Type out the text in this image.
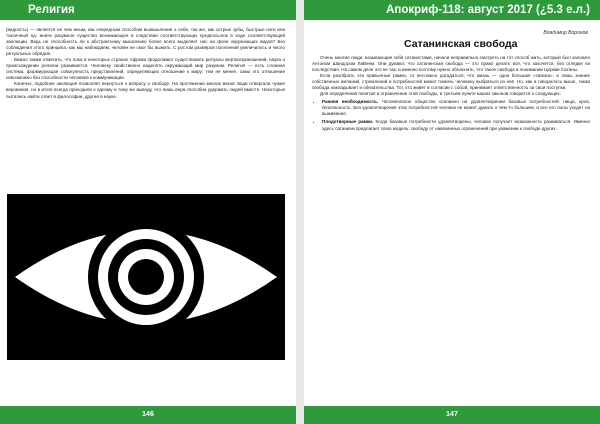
Религия

(видность) — является не чем иным, как очередным способом вымышления о себе, так же, как острые зубы, быстрые ноги или токсичный яд: иначе разумное существо возникающее в следствии соответствующих предпосылок в ходе соответствующей эволюции. Ведь не способность ли к абстрактному мышлению более всего выделяет нас на фоне окружающих видов? Без соблюдения этого принципа, как мы наблюдаем, человек не смог бы выжить. С ростом размеров поселений увеличилось и число ритуальных обрядов.

Важно также отметить, что пока в некоторых странах Африки продолжают существовать ритуалы жертвоприношений, наука о происхождении религии развивается. Человеку свойственно наделять окружающий мир разумом. Религия — есть сложная система, формирующая совокупность представлений, определяющих отношение к миру; тем не менее, само это отношение невозможно без способности человека к коммуникации.

Конечно, подобная эволюция позволяет вернуться к вопросу о свободе. На протяжении многих веков люди отвергали чужие верования, но в итоге всегда приходили к одному и тому же выводу, что лишь вера способна удержать людей вместе. Некоторые пытались найти ответ в философии, другие в науке.

146
Апокриф-118: август 2017 (¿5.3 e.л.)
Владимир Воронов
Сатанинская свобода

Очень многие люди, называющие себя сатанистами, начали неправильно смотреть на тот способ жить, который был заложен Антоном Шандором ЛаВеем. Они думают, что сатанинская свобода — это право делать всё, что захочется, без оглядки на последствия. На самом деле это не так, и именно поэтому нужно объяснить, что такое свобода в понимании Церкви Сатаны.

Если разобрать эти привычные рамки, то несложно догадаться, что жизнь — одна большая «свалка», и лишь знание собственных желаний, стремлений и потребностей может помочь человеку выбраться из неё. Но, как и говорилось выше, такая свобода накладывает и обязательства. Тот, кто живёт в согласии с собой, принимает ответственность за свои поступки.

Для определения понятия и ограничения этой свободы, в третьем пункте наших законов говорится о следующих:

• Ранняя необходимость. Человеческое общество основано на удовлетворении базовых потребностей: пища, кров, безопасность. Без удовлетворения этих потребностей человек не может думать о чём-то большем, и все его силы уходят на выживание.
• Плодотворные рамки. Когда базовые потребности удовлетворены, человек получает возможность развиваться. Именно здесь сатанизм предлагает свою модель: свободу от навязанных ограничений при уважении к свободе других.
147
